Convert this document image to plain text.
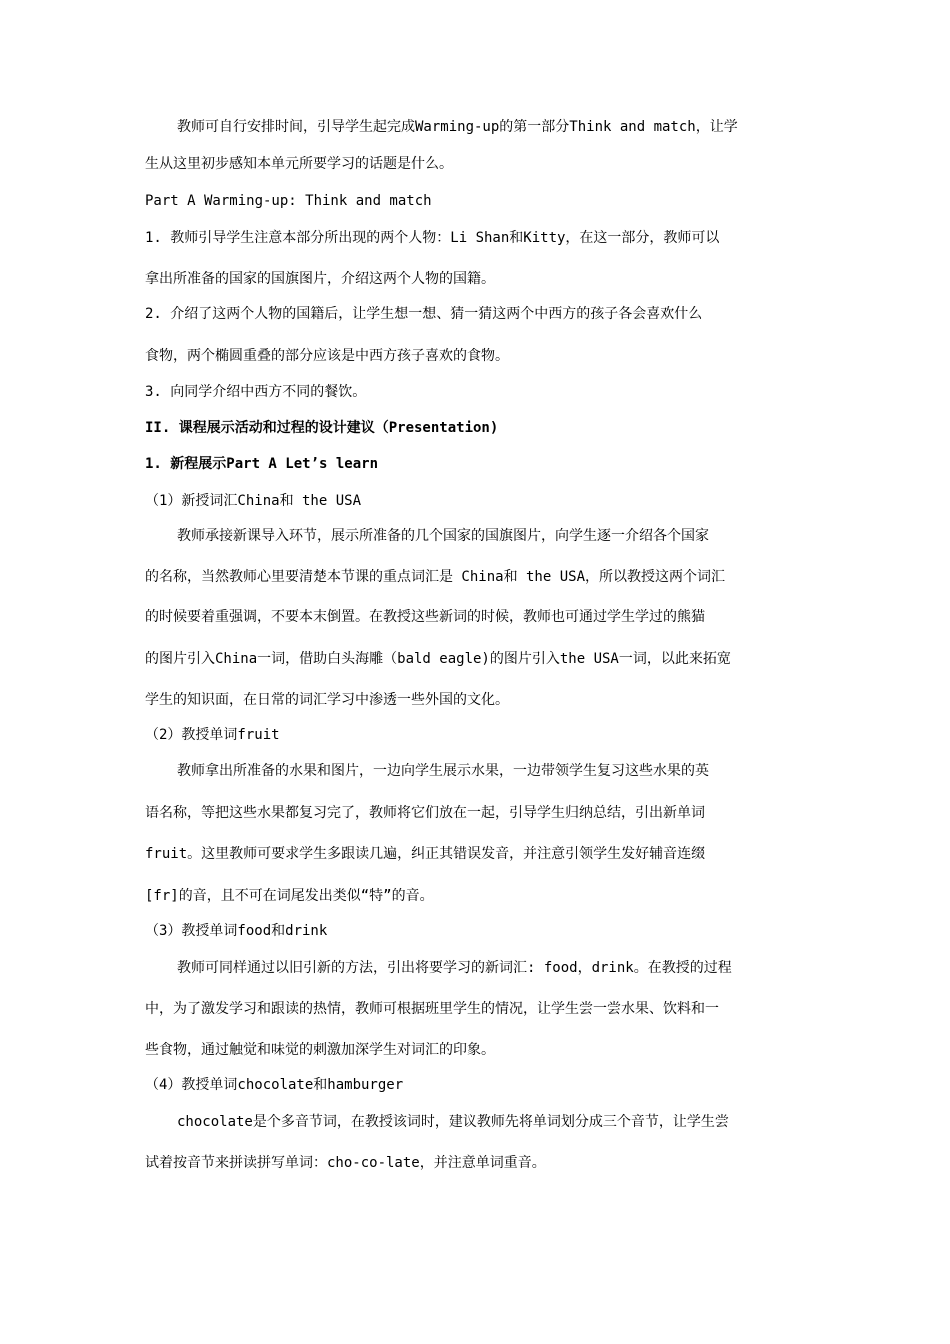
教师可自行安排时间，引导学生起完成Warming-up的第一部分Think and match，让学
生从这里初步感知本单元所要学习的话题是什么。
Part A Warming-up: Think and match
1. 教师引导学生注意本部分所出现的两个人物：Li Shan和Kitty，在这一部分，教师可以
拿出所准备的国家的国旗图片，介绍这两个人物的国籍。
2. 介绍了这两个人物的国籍后，让学生想一想、猜一猜这两个中西方的孩子各会喜欢什么
食物，两个椭圆重叠的部分应该是中西方孩子喜欢的食物。
3. 向同学介绍中西方不同的餐饮。
II. 课程展示活动和过程的设计建议（Presentation)
1. 新程展示Part A Let’s learn
（1）新授词汇China和 the USA
教师承接新课导入环节，展示所准备的几个国家的国旗图片，向学生逐一介绍各个国家
的名称，当然教师心里要清楚本节课的重点词汇是 China和 the USA，所以教授这两个词汇
的时候要着重强调，不要本末倒置。在教授这些新词的时候，教师也可通过学生学过的熊猫
的图片引入China一词，借助白头海雕（bald eagle)的图片引入the USA一词，以此来拓宽
学生的知识面，在日常的词汇学习中渗透一些外国的文化。
（2）教授单词fruit
教师拿出所准备的水果和图片，一边向学生展示水果，一边带领学生复习这些水果的英
语名称，等把这些水果都复习完了，教师将它们放在一起，引导学生归纳总结，引出新单词
fruit。这里教师可要求学生多跟读几遍，纠正其错误发音，并注意引领学生发好辅音连缀
[fr]的音，且不可在词尾发出类似“特”的音。
（3）教授单词food和drink
教师可同样通过以旧引新的方法，引出将要学习的新词汇: food，drink。在教授的过程
中，为了激发学习和跟读的热情，教师可根据班里学生的情况，让学生尝一尝水果、饮料和一
些食物，通过触觉和味觉的刺激加深学生对词汇的印象。
（4）教授单词chocolate和hamburger
chocolate是个多音节词，在教授该词时，建议教师先将单词划分成三个音节，让学生尝
试着按音节来拼读拼写单词：cho-co-late，并注意单词重音。
